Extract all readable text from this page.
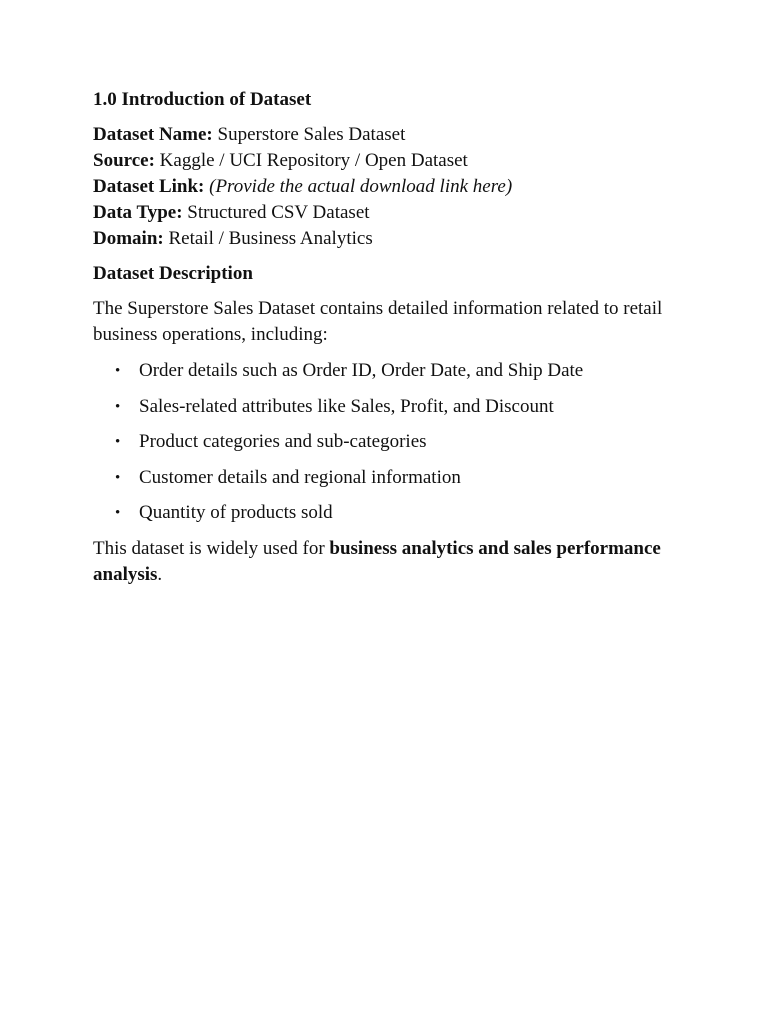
1.0 Introduction of Dataset

Dataset Name: Superstore Sales Dataset

Source: Kaggle / UCI Repository / Open Dataset

Dataset Link: (Provide the actual download link here)

Data Type: Structured CSV Dataset

Domain: Retail / Business Analytics

Dataset Description

The Superstore Sales Dataset contains detailed information related to retail business operations, including:

• Order details such as Order ID, Order Date, and Ship Date
• Sales-related attributes like Sales, Profit, and Discount
• Product categories and sub-categories
• Customer details and regional information
• Quantity of products sold

This dataset is widely used for business analytics and sales performance analysis.
